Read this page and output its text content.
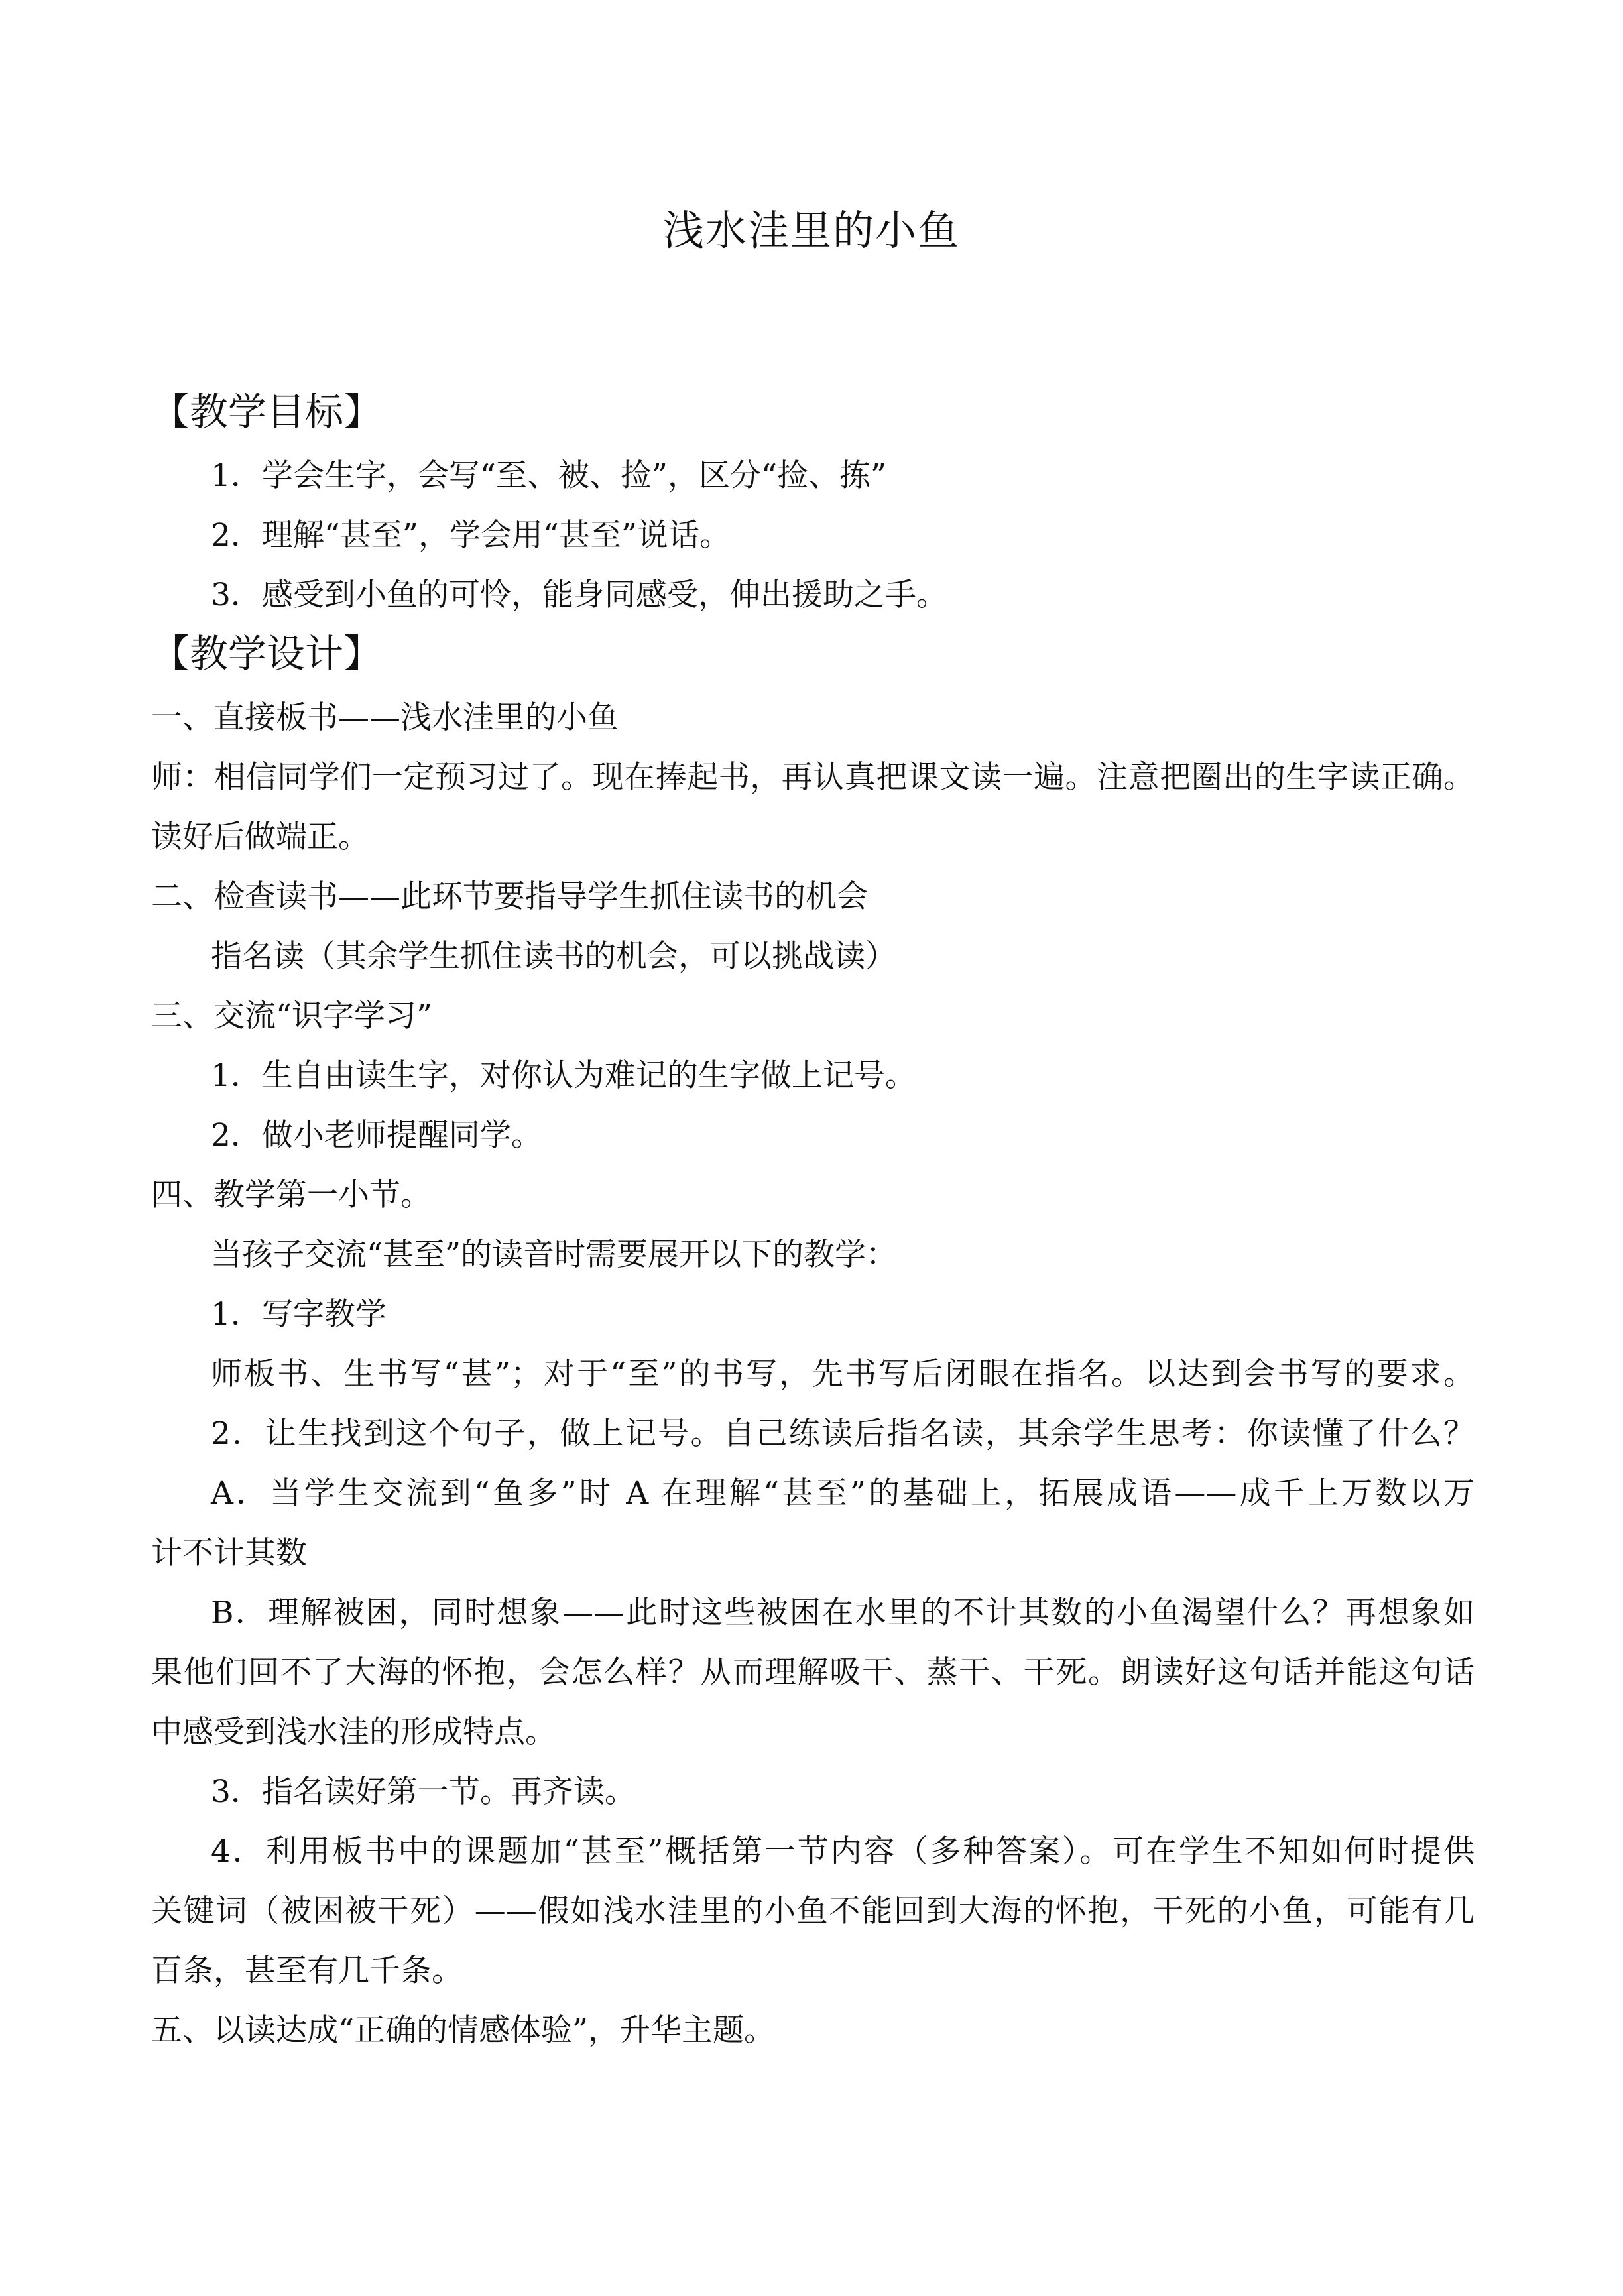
浅水洼里的小鱼
【教学目标】
1．学会生字，会写“至、被、捡”，区分“捡、拣”
2．理解“甚至”，学会用“甚至”说话。
3．感受到小鱼的可怜，能身同感受，伸出援助之手。
【教学设计】
一、直接板书——浅水洼里的小鱼
师：相信同学们一定预习过了。现在捧起书，再认真把课文读一遍。注意把圈出的生字读正确。
读好后做端正。
二、检查读书——此环节要指导学生抓住读书的机会
指名读（其余学生抓住读书的机会，可以挑战读）
三、交流“识字学习”
1．生自由读生字，对你认为难记的生字做上记号。
2．做小老师提醒同学。
四、教学第一小节。
当孩子交流“甚至”的读音时需要展开以下的教学：
1．写字教学
师板书、生书写“甚”；对于“至”的书写，先书写后闭眼在指名。以达到会书写的要求。
2．让生找到这个句子，做上记号。自己练读后指名读，其余学生思考：你读懂了什么？
A．当学生交流到“鱼多”时 A 在理解“甚至”的基础上，拓展成语——成千上万数以万
计不计其数
B．理解被困，同时想象——此时这些被困在水里的不计其数的小鱼渴望什么？再想象如
果他们回不了大海的怀抱，会怎么样？从而理解吸干、蒸干、干死。朗读好这句话并能这句话
中感受到浅水洼的形成特点。
3．指名读好第一节。再齐读。
4．利用板书中的课题加“甚至”概括第一节内容（多种答案）。可在学生不知如何时提供
关键词（被困被干死）——假如浅水洼里的小鱼不能回到大海的怀抱，干死的小鱼，可能有几
百条，甚至有几千条。
五、以读达成“正确的情感体验”，升华主题。
